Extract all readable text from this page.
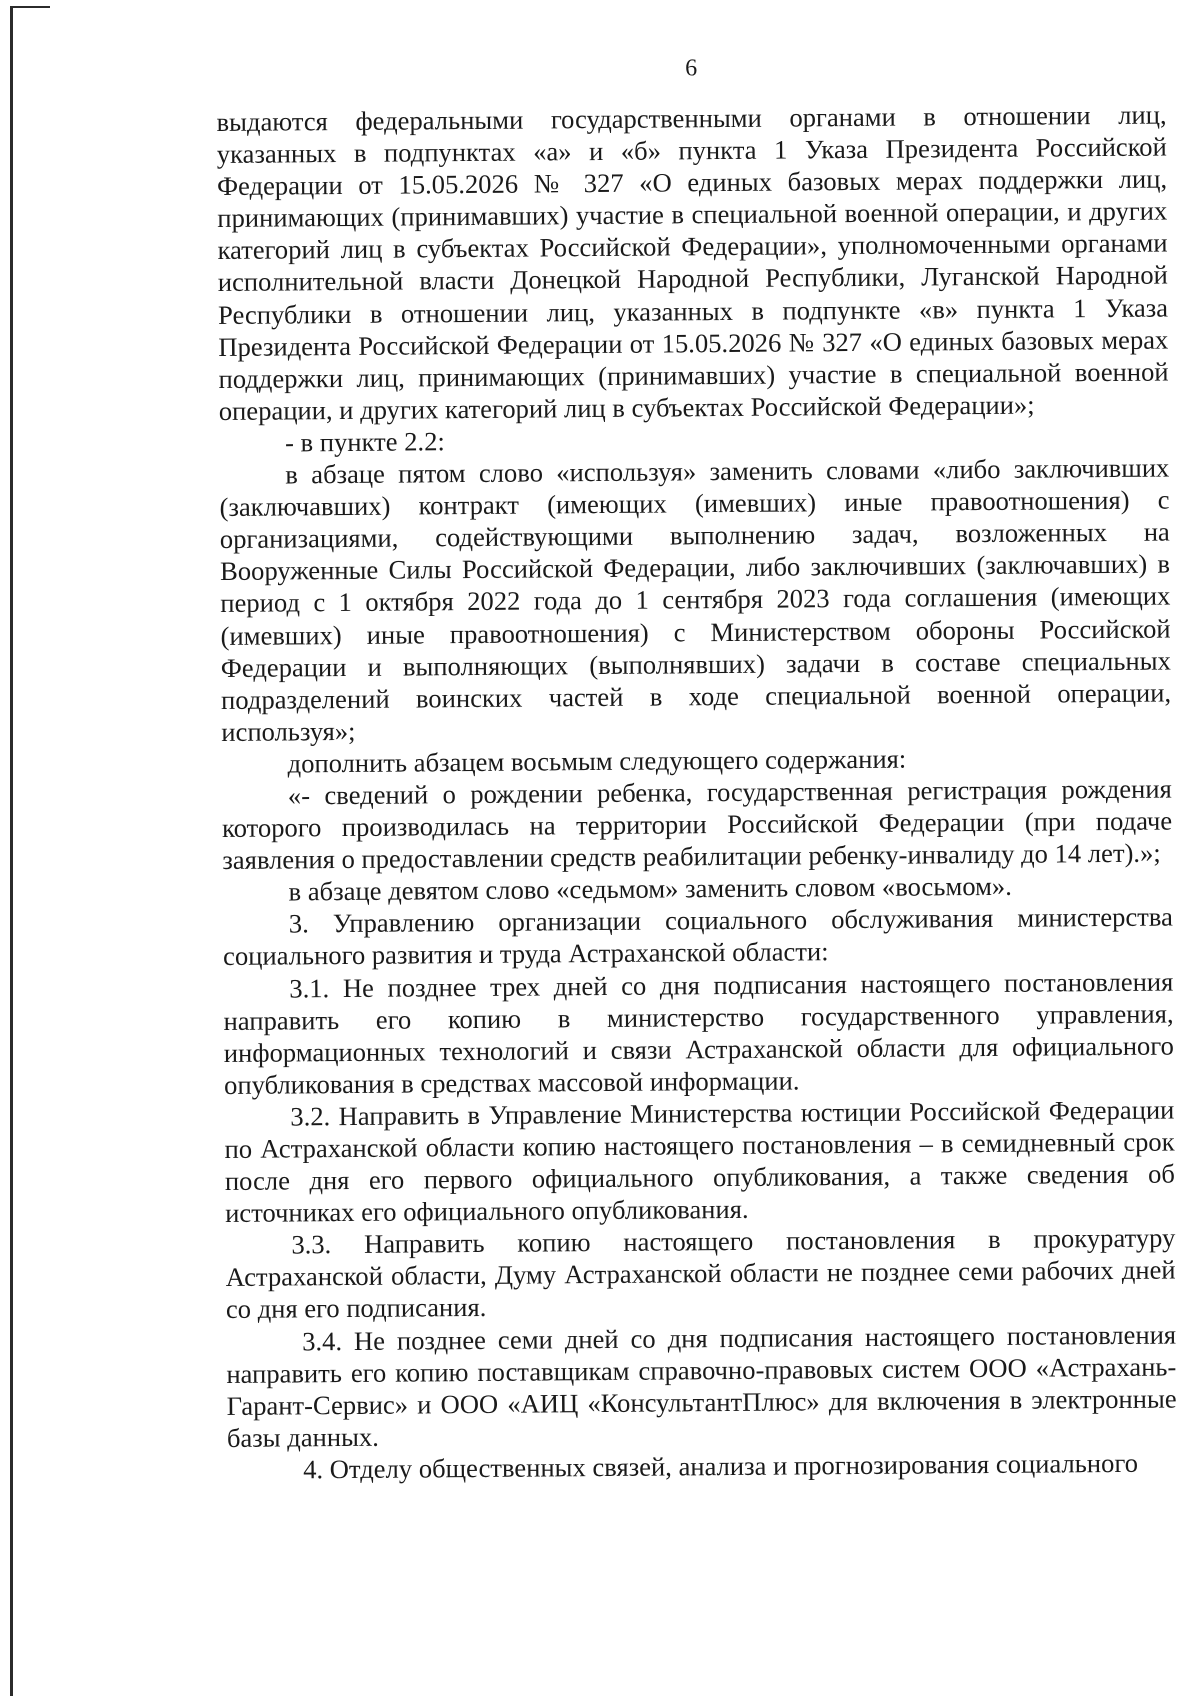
6

выдаются федеральными государственными органами в отношении лиц, указанных в подпунктах «а» и «б» пункта 1 Указа Президента Российской Федерации от 15.05.2026 № 327 «О единых базовых мерах поддержки лиц, принимающих (принимавших) участие в специальной военной операции, и других категорий лиц в субъектах Российской Федерации», уполномоченными органами исполнительной власти Донецкой Народной Республики, Луганской Народной Республики в отношении лиц, указанных в подпункте «в» пункта 1 Указа Президента Российской Федерации от 15.05.2026 № 327 «О единых базовых мерах поддержки лиц, принимающих (принимавших) участие в специальной военной операции, и других категорий лиц в субъектах Российской Федерации»;

- в пункте 2.2:

в абзаце пятом слово «используя» заменить словами «либо заключивших (заключавших) контракт (имеющих (имевших) иные правоотношения) с организациями, содействующими выполнению задач, возложенных на Вооруженные Силы Российской Федерации, либо заключивших (заключавших) в период с 1 октября 2022 года до 1 сентября 2023 года соглашения (имеющих (имевших) иные правоотношения) с Министерством обороны Российской Федерации и выполняющих (выполнявших) задачи в составе специальных подразделений воинских частей в ходе специальной военной операции, используя»;

дополнить абзацем восьмым следующего содержания:

«- сведений о рождении ребенка, государственная регистрация рождения которого производилась на территории Российской Федерации (при подаче заявления о предоставлении средств реабилитации ребенку-инвалиду до 14 лет).»;

в абзаце девятом слово «седьмом» заменить словом «восьмом».

3. Управлению организации социального обслуживания министерства социального развития и труда Астраханской области:

3.1. Не позднее трех дней со дня подписания настоящего постановления направить его копию в министерство государственного управления, информационных технологий и связи Астраханской области для официального опубликования в средствах массовой информации.

3.2. Направить в Управление Министерства юстиции Российской Федерации по Астраханской области копию настоящего постановления – в семидневный срок после дня его первого официального опубликования, а также сведения об источниках его официального опубликования.

3.3. Направить копию настоящего постановления в прокуратуру Астраханской области, Думу Астраханской области не позднее семи рабочих дней со дня его подписания.

3.4. Не позднее семи дней со дня подписания настоящего постановления направить его копию поставщикам справочно-правовых систем ООО «Астрахань-Гарант-Сервис» и ООО «АИЦ «КонсультантПлюс» для включения в электронные базы данных.

4. Отделу общественных связей, анализа и прогнозирования социального
